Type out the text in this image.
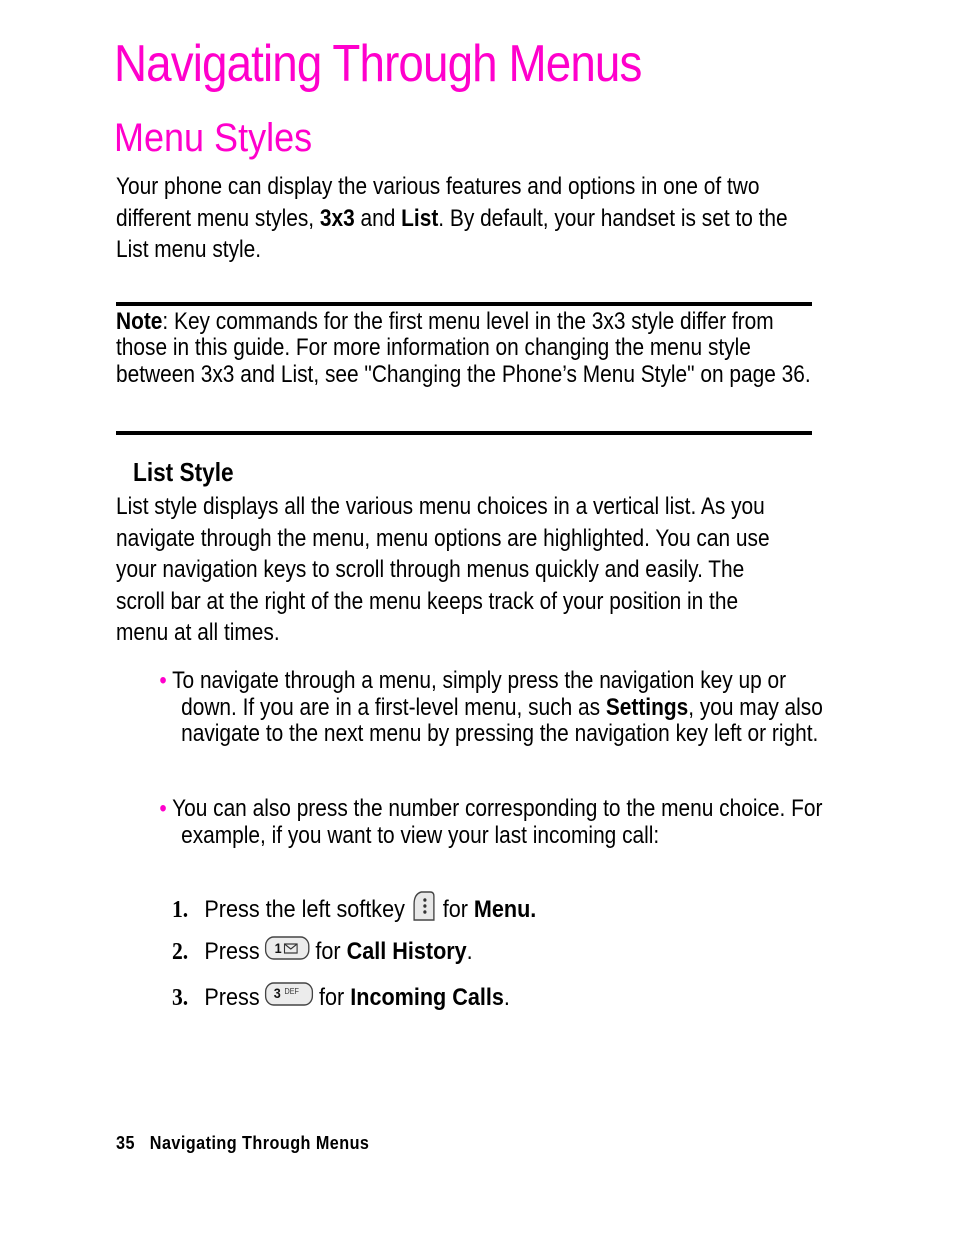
Navigating Through Menus
Menu Styles
Your phone can display the various features and options in one of two different menu styles, 3x3 and List. By default, your handset is set to the List menu style.
Note: Key commands for the first menu level in the 3x3 style differ from those in this guide. For more information on changing the menu style between 3x3 and List, see "Changing the Phone’s Menu Style" on page 36.
List Style
List style displays all the various menu choices in a vertical list. As you navigate through the menu, menu options are highlighted. You can use your navigation keys to scroll through menus quickly and easily. The scroll bar at the right of the menu keeps track of your position in the menu at all times.
• To navigate through a menu, simply press the navigation key up or down. If you are in a first-level menu, such as Settings, you may also navigate to the next menu by pressing the navigation key left or right.
• You can also press the number corresponding to the menu choice. For example, if you want to view your last incoming call:
1. Press the left softkey for
Menu.
2. Press 1 for
Call History .
3. Press 3 DEF for
Incoming Calls .
35 Navigating Through Menus
